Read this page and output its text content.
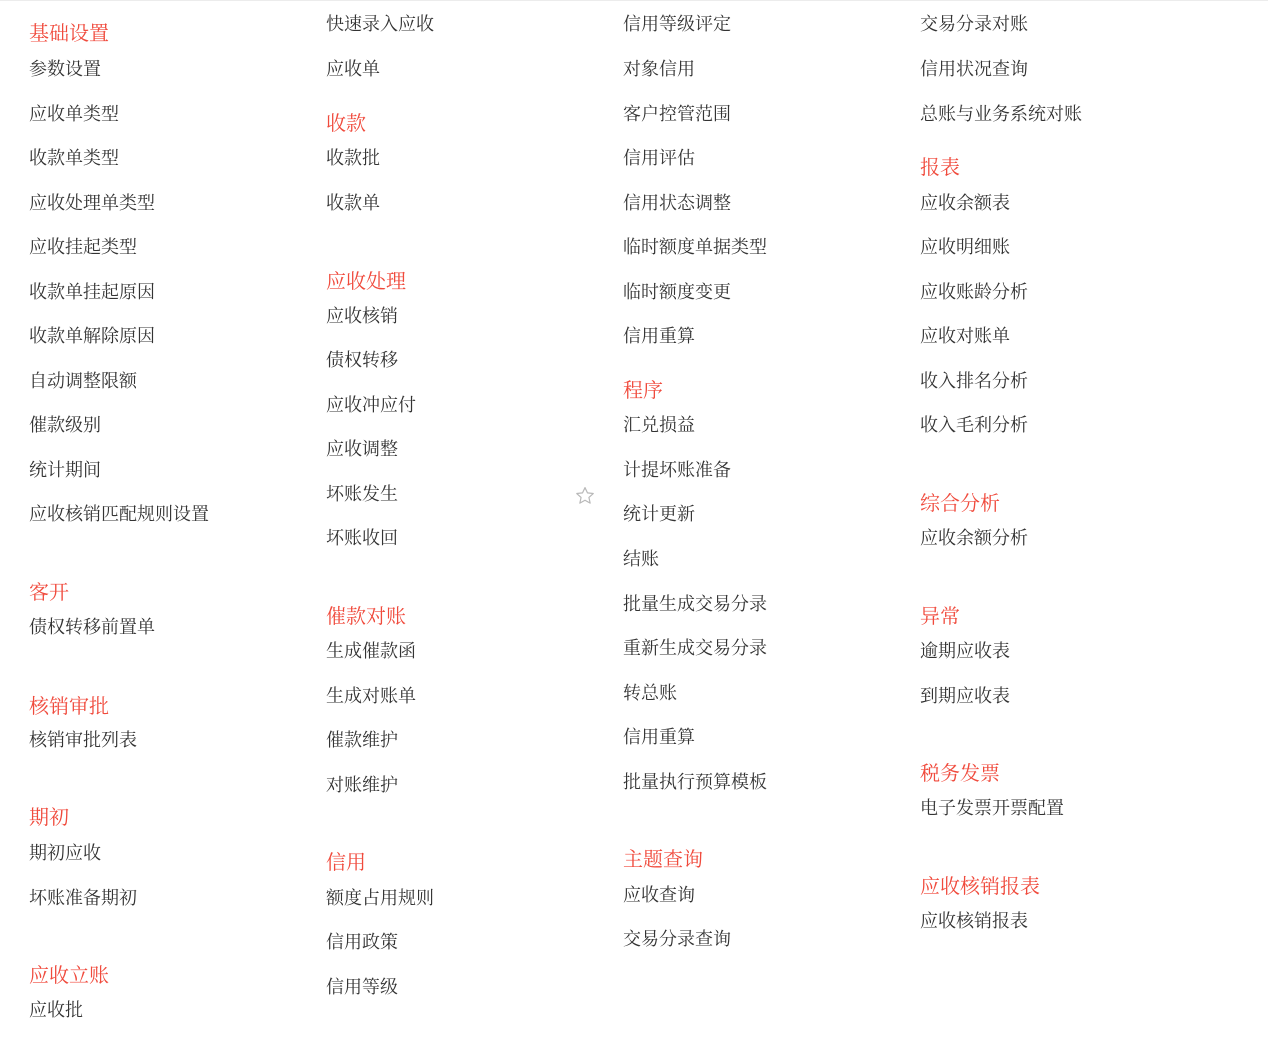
基础设置
参数设置
应收单类型
收款单类型
应收处理单类型
应收挂起类型
收款单挂起原因
收款单解除原因
自动调整限额
催款级别
统计期间
应收核销匹配规则设置
客开
债权转移前置单
核销审批
核销审批列表
期初
期初应收
坏账准备期初
应收立账
应收批
快速录入应收
应收单
收款
收款批
收款单
应收处理
应收核销
债权转移
应收冲应付
应收调整
坏账发生
坏账收回
催款对账
生成催款函
生成对账单
催款维护
对账维护
信用
额度占用规则
信用政策
信用等级
信用等级评定
对象信用
客户控管范围
信用评估
信用状态调整
临时额度单据类型
临时额度变更
信用重算
程序
汇兑损益
计提坏账准备
统计更新
结账
批量生成交易分录
重新生成交易分录
转总账
信用重算
批量执行预算模板
主题查询
应收查询
交易分录查询
交易分录对账
信用状况查询
总账与业务系统对账
报表
应收余额表
应收明细账
应收账龄分析
应收对账单
收入排名分析
收入毛利分析
综合分析
应收余额分析
异常
逾期应收表
到期应收表
税务发票
电子发票开票配置
应收核销报表
应收核销报表
